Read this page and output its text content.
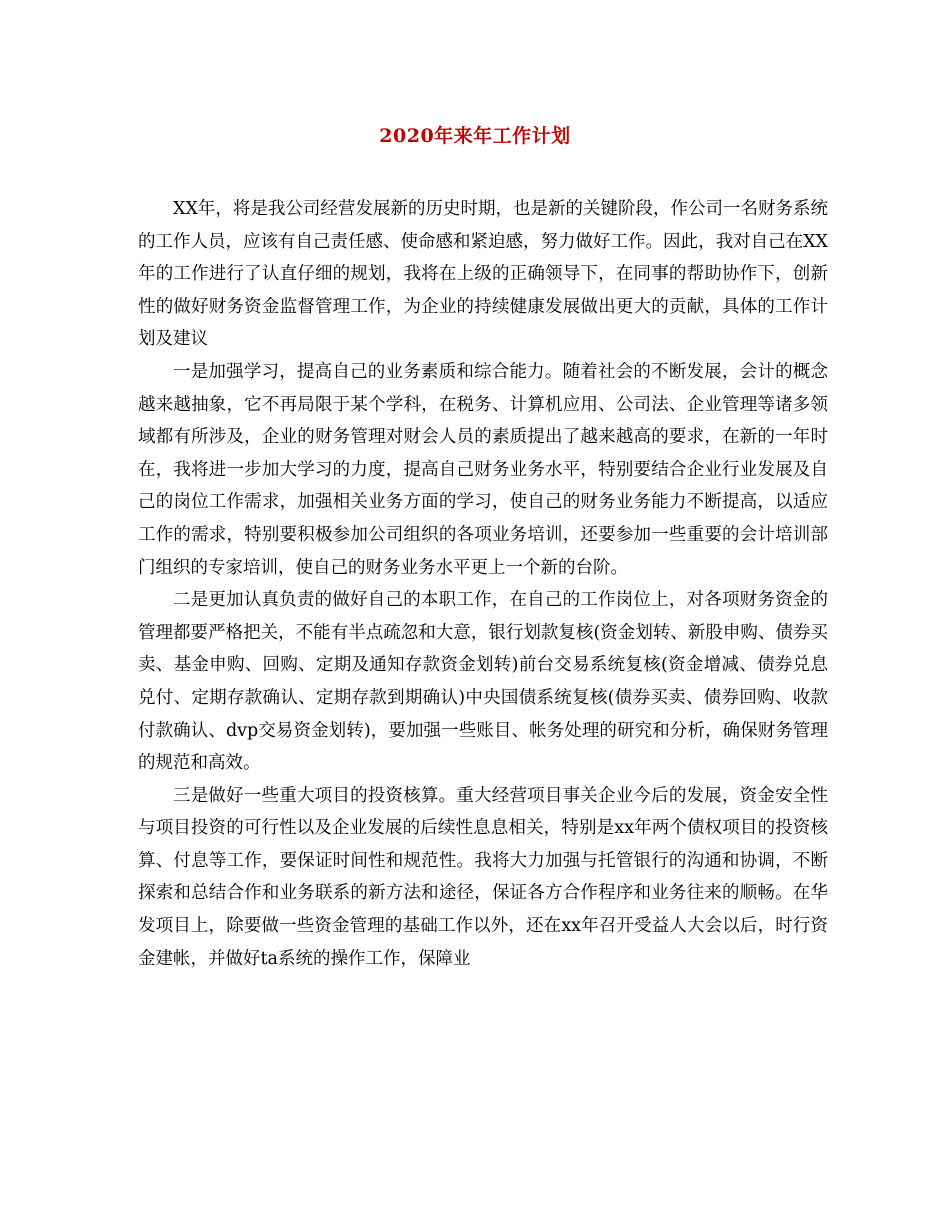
2020年来年工作计划

XX年，将是我公司经营发展新的历史时期，也是新的关键阶段，作公司一名财务系统的工作人员，应该有自己责任感、使命感和紧迫感，努力做好工作。因此，我对自己在XX年的工作进行了认直仔细的规划，我将在上级的正确领导下，在同事的帮助协作下，创新性的做好财务资金监督管理工作，为企业的持续健康发展做出更大的贡献，具体的工作计划及建议

一是加强学习，提高自己的业务素质和综合能力。随着社会的不断发展，会计的概念越来越抽象，它不再局限于某个学科，在税务、计算机应用、公司法、企业管理等诸多领域都有所涉及，企业的财务管理对财会人员的素质提出了越来越高的要求，在新的一年时在，我将进一步加大学习的力度，提高自己财务业务水平，特别要结合企业行业发展及自己的岗位工作需求，加强相关业务方面的学习，使自己的财务业务能力不断提高，以适应工作的需求，特别要积极参加公司组织的各项业务培训，还要参加一些重要的会计培训部门组织的专家培训，使自己的财务业务水平更上一个新的台阶。

二是更加认真负责的做好自己的本职工作，在自己的工作岗位上，对各项财务资金的管理都要严格把关，不能有半点疏忽和大意，银行划款复核(资金划转、新股申购、债券买卖、基金申购、回购、定期及通知存款资金划转)前台交易系统复核(资金增减、债券兑息兑付、定期存款确认、定期存款到期确认)中央国债系统复核(债券买卖、债券回购、收款付款确认、dvp交易资金划转)，要加强一些账目、帐务处理的研究和分析，确保财务管理的规范和高效。

三是做好一些重大项目的投资核算。重大经营项目事关企业今后的发展，资金安全性与项目投资的可行性以及企业发展的后续性息息相关，特别是xx年两个债权项目的投资核算、付息等工作，要保证时间性和规范性。我将大力加强与托管银行的沟通和协调，不断探索和总结合作和业务联系的新方法和途径，保证各方合作程序和业务往来的顺畅。在华发项目上，除要做一些资金管理的基础工作以外，还在xx年召开受益人大会以后，时行资金建帐，并做好ta系统的操作工作，保障业
